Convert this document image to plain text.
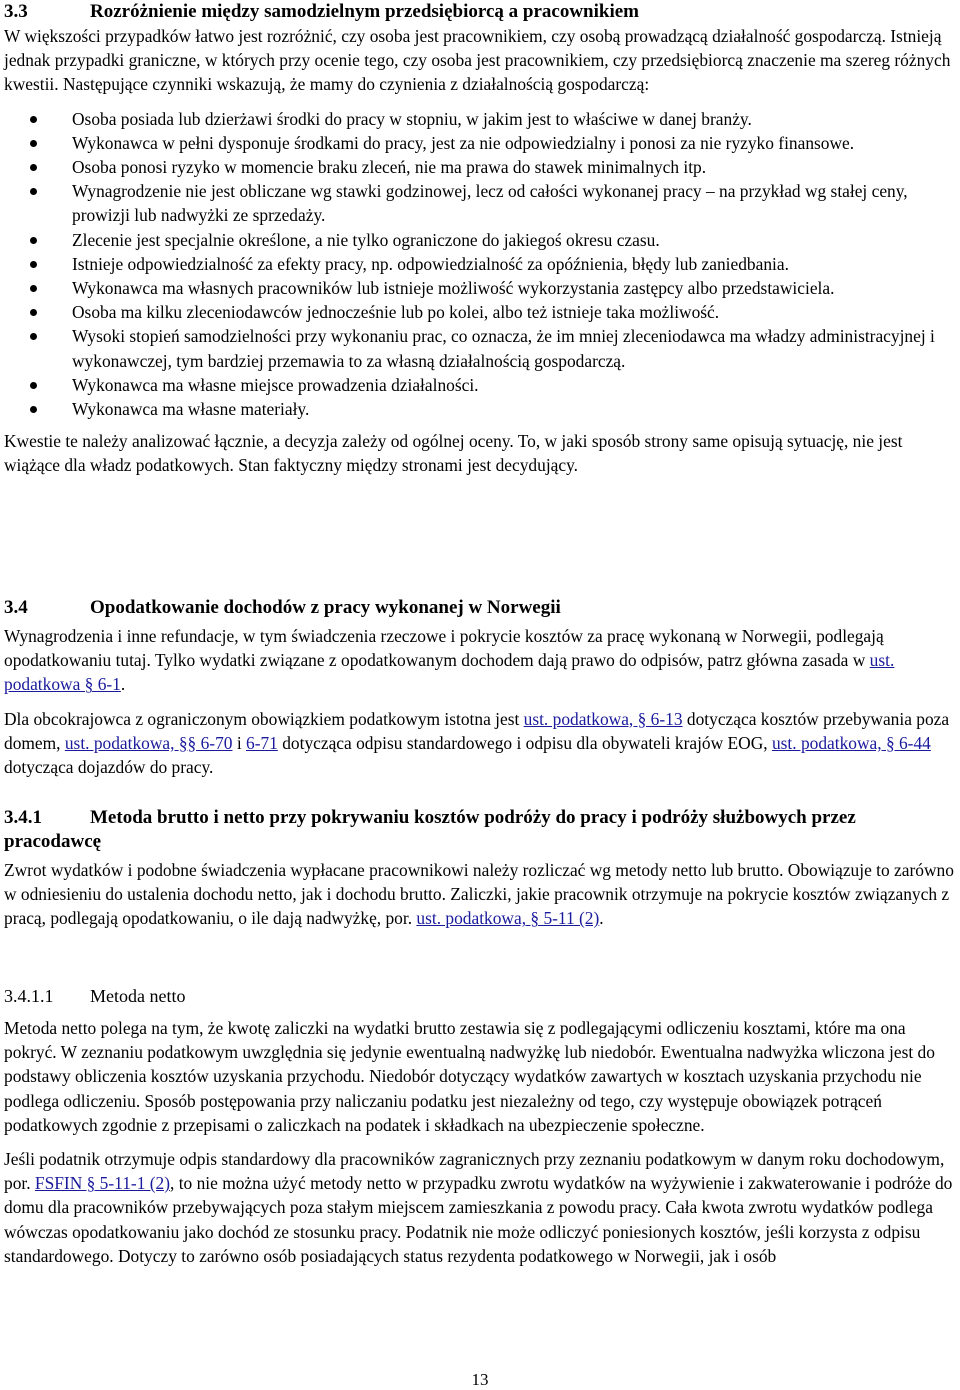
3.3	Rozróżnienie między samodzielnym przedsiębiorcą a pracownikiem

W większości przypadków łatwo jest rozróżnić, czy osoba jest pracownikiem, czy osobą prowadzącą działalność gospodarczą. Istnieją jednak przypadki graniczne, w których przy ocenie tego, czy osoba jest pracownikiem, czy przedsiębiorcą znaczenie ma szereg różnych kwestii. Następujące czynniki wskazują, że mamy do czynienia z działalnością gospodarczą:

Osoba posiada lub dzierżawi środki do pracy w stopniu, w jakim jest to właściwe w danej branży.
Wykonawca w pełni dysponuje środkami do pracy, jest za nie odpowiedzialny i ponosi za nie ryzyko finansowe.
Osoba ponosi ryzyko w momencie braku zleceń, nie ma prawa do stawek minimalnych itp.
Wynagrodzenie nie jest obliczane wg stawki godzinowej, lecz od całości wykonanej pracy – na przykład wg stałej ceny, prowizji lub nadwyżki ze sprzedaży.
Zlecenie jest specjalnie określone, a nie tylko ograniczone do jakiegoś okresu czasu.
Istnieje odpowiedzialność za efekty pracy, np. odpowiedzialność za opóźnienia, błędy lub zaniedbania.
Wykonawca ma własnych pracowników lub istnieje możliwość wykorzystania zastępcy albo przedstawiciela.
Osoba ma kilku zleceniodawców jednocześnie lub po kolei, albo też istnieje taka możliwość.
Wysoki stopień samodzielności przy wykonaniu prac, co oznacza, że im mniej zleceniodawca ma władzy administracyjnej i wykonawczej, tym bardziej przemawia to za własną działalnością gospodarczą.
Wykonawca ma własne miejsce prowadzenia działalności.
Wykonawca ma własne materiały.

Kwestie te należy analizować łącznie, a decyzja zależy od ogólnej oceny. To, w jaki sposób strony same opisują sytuację, nie jest wiążące dla władz podatkowych. Stan faktyczny między stronami jest decydujący.

3.4	Opodatkowanie dochodów z pracy wykonanej w Norwegii

Wynagrodzenia i inne refundacje, w tym świadczenia rzeczowe i pokrycie kosztów za pracę wykonaną w Norwegii, podlegają opodatkowaniu tutaj. Tylko wydatki związane z opodatkowanym dochodem dają prawo do odpisów, patrz główna zasada w ust. podatkowa § 6-1.

Dla obcokrajowca z ograniczonym obowiązkiem podatkowym istotna jest ust. podatkowa, § 6-13 dotycząca kosztów przebywania poza domem, ust. podatkowa, §§ 6-70 i 6-71 dotycząca odpisu standardowego i odpisu dla obywateli krajów EOG, ust. podatkowa, § 6-44 dotycząca dojazdów do pracy.

3.4.1	Metoda brutto i netto przy pokrywaniu kosztów podróży do pracy i podróży służbowych przez pracodawcę

Zwrot wydatków i podobne świadczenia wypłacane pracownikowi należy rozliczać wg metody netto lub brutto. Obowiązuje to zarówno w odniesieniu do ustalenia dochodu netto, jak i dochodu brutto. Zaliczki, jakie pracownik otrzymuje na pokrycie kosztów związanych z pracą, podlegają opodatkowaniu, o ile dają nadwyżkę, por. ust. podatkowa, § 5-11 (2).

3.4.1.1	Metoda netto

Metoda netto polega na tym, że kwotę zaliczki na wydatki brutto zestawia się z podlegającymi odliczeniu kosztami, które ma ona pokryć. W zeznaniu podatkowym uwzględnia się jedynie ewentualną nadwyżkę lub niedobór. Ewentualna nadwyżka wliczona jest do podstawy obliczenia kosztów uzyskania przychodu. Niedobór dotyczący wydatków zawartych w kosztach uzyskania przychodu nie podlega odliczeniu. Sposób postępowania przy naliczaniu podatku jest niezależny od tego, czy występuje obowiązek potrąceń podatkowych zgodnie z przepisami o zaliczkach na podatek i składkach na ubezpieczenie społeczne.

Jeśli podatnik otrzymuje odpis standardowy dla pracowników zagranicznych przy zeznaniu podatkowym w danym roku dochodowym, por. FSFIN § 5-11-1 (2), to nie można użyć metody netto w przypadku zwrotu wydatków na wyżywienie i zakwaterowanie i podróże do domu dla pracowników przebywających poza stałym miejscem zamieszkania z powodu pracy. Cała kwota zwrotu wydatków podlega wówczas opodatkowaniu jako dochód ze stosunku pracy. Podatnik nie może odliczyć poniesionych kosztów, jeśli korzysta z odpisu standardowego. Dotyczy to zarówno osób posiadających status rezydenta podatkowego w Norwegii, jak i osób

13
